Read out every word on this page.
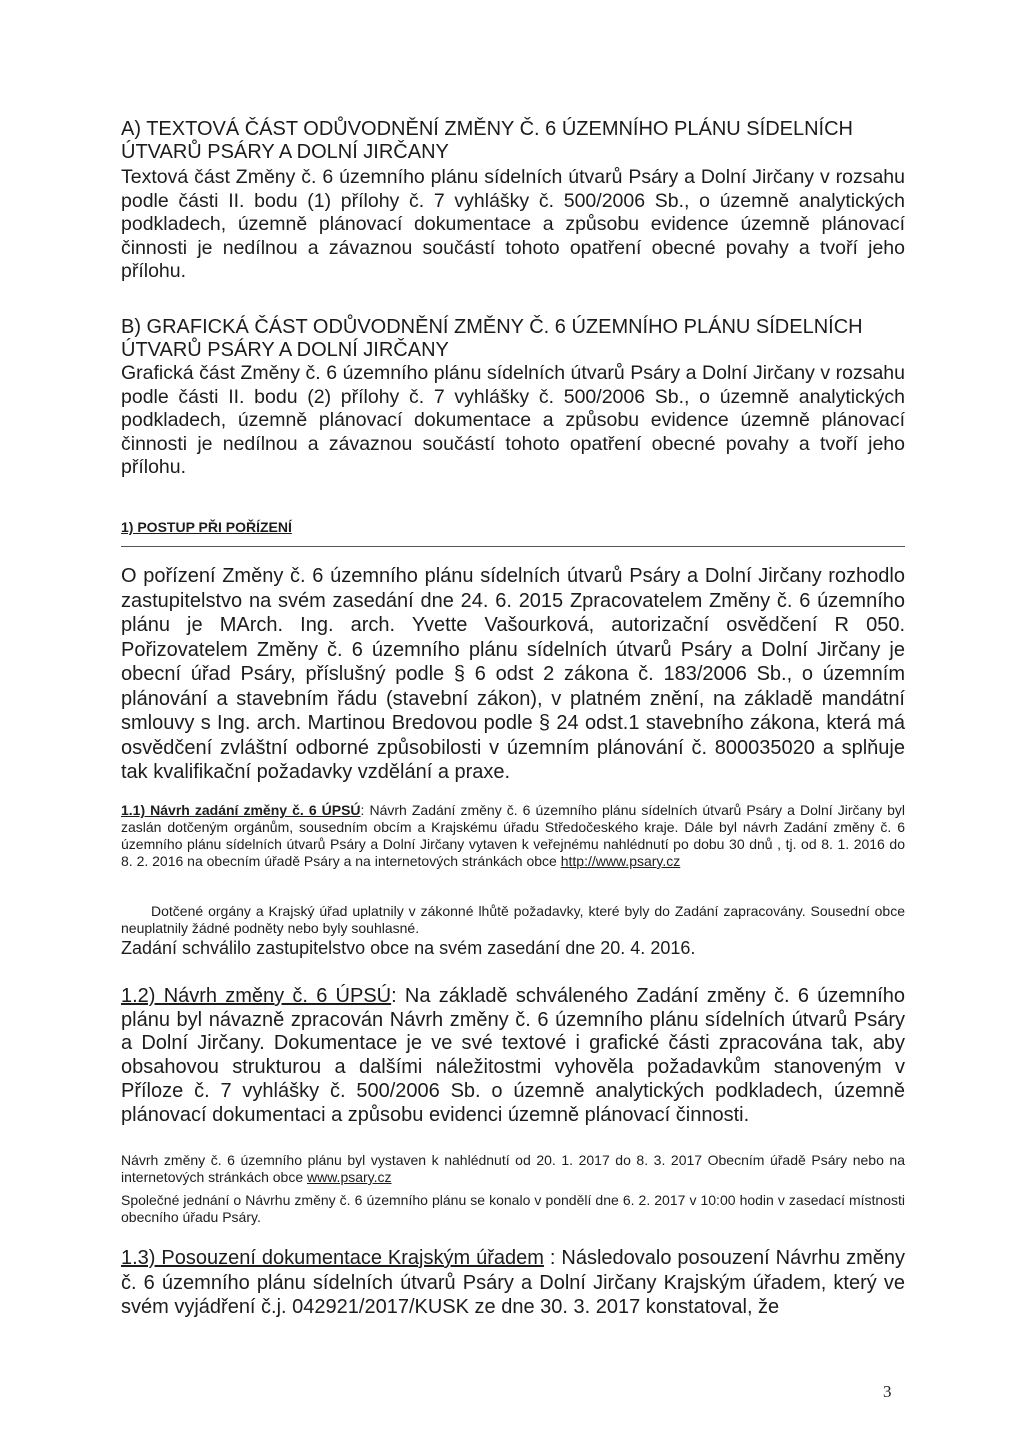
A) TEXTOVÁ ČÁST ODŮVODNĚNÍ ZMĚNY Č. 6 ÚZEMNÍHO PLÁNU SÍDELNÍCH
ÚTVARŮ PSÁRY A DOLNÍ JIRČANY
Textová část Změny č. 6 územního plánu sídelních útvarů Psáry a Dolní Jirčany v rozsahu podle části II. bodu (1) přílohy č. 7 vyhlášky č. 500/2006 Sb., o územně analytických podkladech, územně plánovací dokumentace a způsobu evidence územně plánovací činnosti je nedílnou a závaznou součástí tohoto opatření obecné povahy a tvoří jeho přílohu.
B) GRAFICKÁ ČÁST ODŮVODNĚNÍ ZMĚNY Č. 6 ÚZEMNÍHO PLÁNU SÍDELNÍCH
ÚTVARŮ PSÁRY A DOLNÍ JIRČANY
Grafická část Změny č. 6 územního plánu sídelních útvarů Psáry a Dolní Jirčany v rozsahu podle části II. bodu (2) přílohy č. 7 vyhlášky č. 500/2006 Sb., o územně analytických podkladech, územně plánovací dokumentace a způsobu evidence územně plánovací činnosti je nedílnou a závaznou součástí tohoto opatření obecné povahy a tvoří jeho přílohu.
1) POSTUP PŘI POŘÍZENÍ
O pořízení Změny č. 6 územního plánu sídelních útvarů Psáry a Dolní Jirčany rozhodlo zastupitelstvo na svém zasedání dne 24. 6. 2015 Zpracovatelem Změny č. 6 územního plánu je MArch. Ing. arch. Yvette Vašourková, autorizační osvědčení R 050. Pořizovatelem Změny č. 6 územního plánu sídelních útvarů Psáry a Dolní Jirčany je obecní úřad Psáry, příslušný podle § 6 odst 2 zákona č. 183/2006 Sb., o územním plánování a stavebním řádu (stavební zákon), v platném znění, na základě mandátní smlouvy s Ing. arch. Martinou Bredovou podle § 24 odst.1 stavebního zákona, která má osvědčení zvláštní odborné způsobilosti v územním plánování č. 800035020 a splňuje tak kvalifikační požadavky vzdělání a praxe.
1.1) Návrh zadání změny č. 6 ÚPSÚ: Návrh Zadání změny č. 6 územního plánu sídelních útvarů Psáry a Dolní Jirčany byl zaslán dotčeným orgánům, sousedním obcím a Krajskému úřadu Středočeského kraje. Dále byl návrh Zadání změny č. 6 územního plánu sídelních útvarů Psáry a Dolní Jirčany vytaven k veřejnému nahlédnutí po dobu 30 dnů , tj. od 8. 1. 2016 do 8. 2. 2016 na obecním úřadě Psáry a na internetových stránkách obce http://www.psary.cz
Dotčené orgány a Krajský úřad uplatnily v zákonné lhůtě požadavky, které byly do Zadání zapracovány. Sousední obce neuplatnily žádné podněty nebo byly souhlasné.
Zadání schválilo zastupitelstvo obce na svém zasedání dne 20. 4. 2016.
1.2) Návrh změny č. 6 ÚPSÚ: Na základě schváleného Zadání změny č. 6 územního plánu byl návazně zpracován Návrh změny č. 6 územního plánu sídelních útvarů Psáry a Dolní Jirčany. Dokumentace je ve své textové i grafické části zpracována tak, aby obsahovou strukturou a dalšími náležitostmi vyhověla požadavkům stanoveným v Příloze č. 7 vyhlášky č. 500/2006 Sb. o územně analytických podkladech, územně plánovací dokumentaci a způsobu evidenci územně plánovací činnosti.
Návrh změny č. 6 územního plánu byl vystaven k nahlédnutí od 20. 1. 2017 do 8. 3. 2017 Obecním úřadě Psáry nebo na internetových stránkách obce www.psary.cz
Společné jednání o Návrhu změny č. 6 územního plánu se konalo v pondělí dne 6. 2. 2017 v 10:00 hodin v zasedací místnosti obecního úřadu Psáry.
1.3) Posouzení dokumentace Krajským úřadem : Následovalo posouzení Návrhu změny č. 6 územního plánu sídelních útvarů Psáry a Dolní Jirčany Krajským úřadem, který ve svém vyjádření č.j. 042921/2017/KUSK ze dne 30. 3. 2017 konstatoval, že
3
